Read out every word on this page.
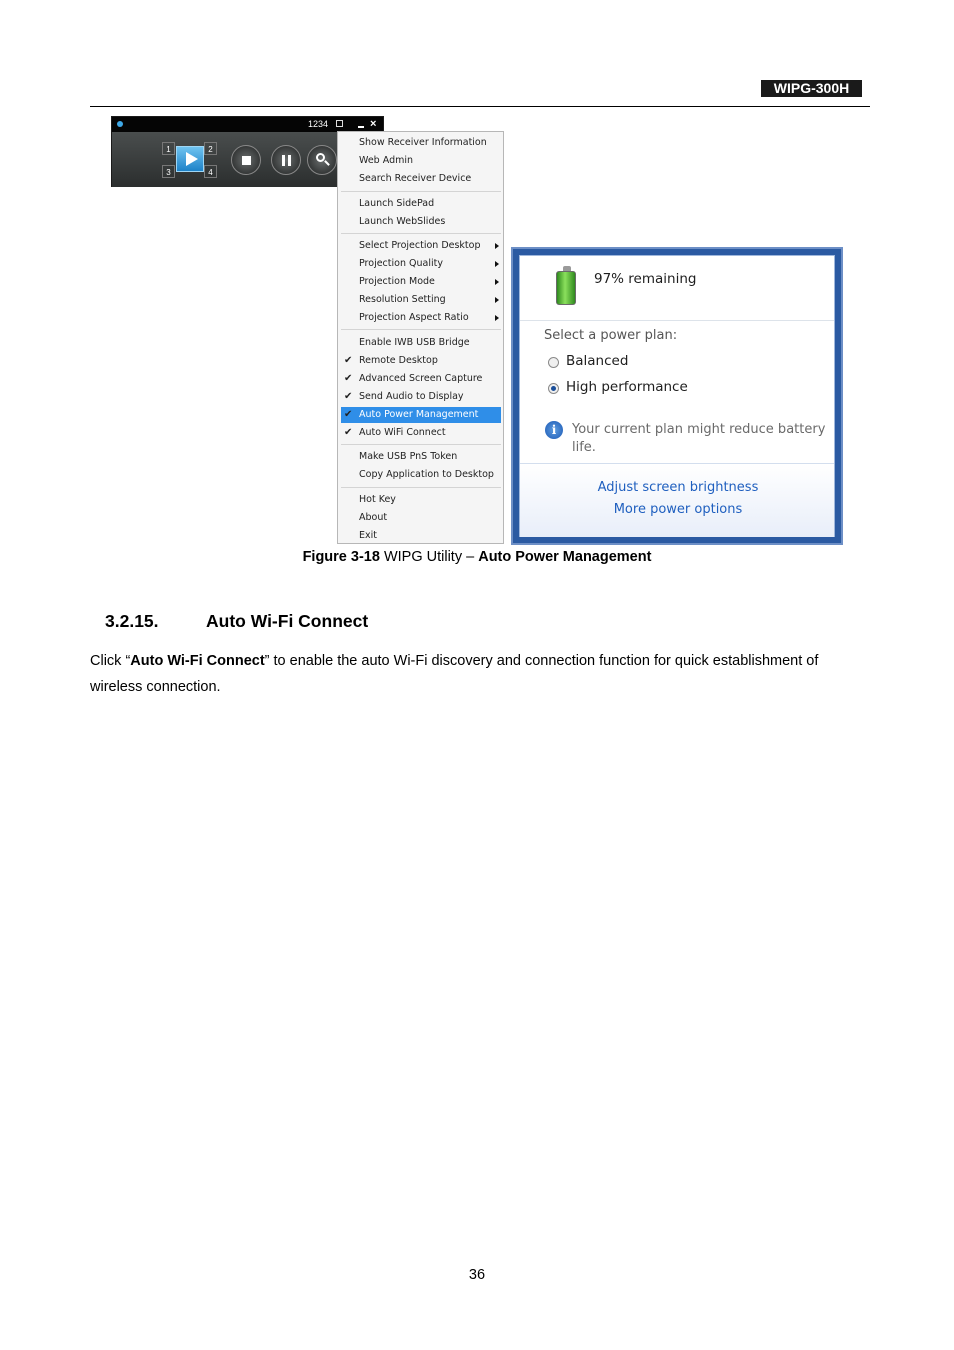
WIPG-300H
1234	×
1	2
3	4
Show Receiver Information
Web Admin
Search Receiver Device
Launch SidePad
Launch WebSlides
Select Projection Desktop
Projection Quality
Projection Mode
Resolution Setting
Projection Aspect Ratio
Enable IWB USB Bridge
✔ Remote Desktop
✔ Advanced Screen Capture
✔ Send Audio to Display
✔ Auto Power Management
✔ Auto WiFi Connect
Make USB PnS Token
Copy Application to Desktop
Hot Key
About
Exit
97% remaining
Select a power plan:
Balanced
High performance
i	Your current plan might reduce battery
life.
Adjust screen brightness
More power options
Figure 3-18 WIPG Utility – Auto Power Management
3.2.15.	Auto Wi-Fi Connect
Click “Auto Wi-Fi Connect” to enable the auto Wi-Fi discovery and connection function for quick establishment of wireless connection.
36
